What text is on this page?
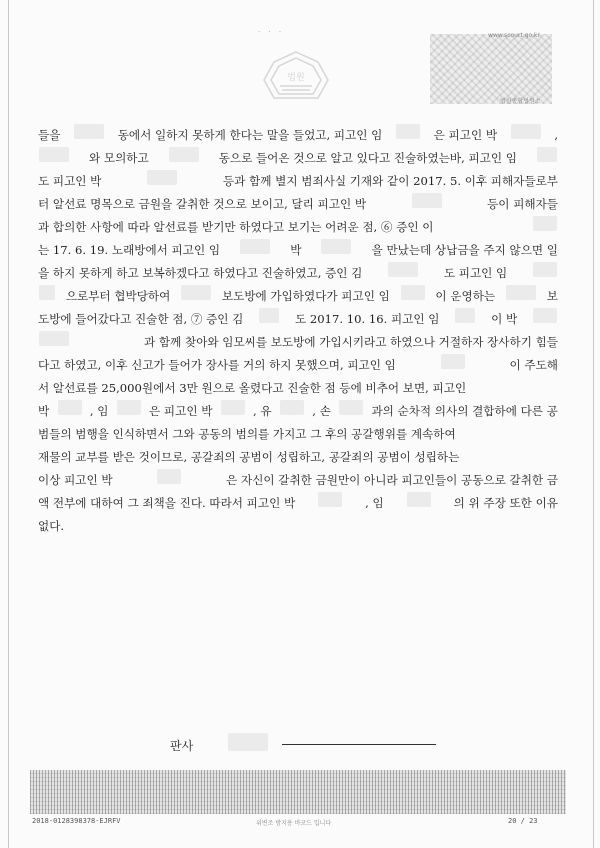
· · ·
법원
www.scourt.go.kr
법원종합법원소
들을	동에서 일하지 못하게 한다는 말을 들었고, 피고인 임	은 피고인 박	,
와 모의하고	동으로 들어온 것으로 알고 있다고 진술하였는바, 피고인 임
도 피고인 박	등과 함께 별지 범죄사실 기재와 같이 2017. 5. 이후 피해자들로부
터 알선료 명목으로 금원을 갈취한 것으로 보이고, 달리 피고인 박	등이 피해자들
과 합의한 사항에 따라 알선료를 받기만 하였다고 보기는 어려운 점, ⑥ 증인 이
는 17. 6. 19. 노래방에서 피고인 임	박	을 만났는데 상납금을 주지 않으면 일
을 하지 못하게 하고 보복하겠다고 하였다고 진술하였고, 증인 김	도 피고인 임
으로부터 협박당하여	보도방에 가입하였다가 피고인 임	이 운영하는	보
도방에 들어갔다고 진술한 점, ⑦ 증인 김	도 2017. 10. 16. 피고인 임	이 박
과 함께 찾아와 임모씨를 보도방에 가입시키라고 하였으나 거절하자 장사하기 힘들
다고 하였고, 이후 신고가 들어가 장사를 거의 하지 못했으며, 피고인 임	이 주도해
서 알선료를 25,000원에서 3만 원으로 올렸다고 진술한 점 등에 비추어 보면, 피고인
박	, 임	은 피고인 박	, 유	, 손	과의 순차적 의사의 결합하에 다른 공
범들의 범행을 인식하면서 그와 공동의 범의를 가지고 그 후의 공갈행위를 계속하여
재물의 교부를 받은 것이므로, 공갈죄의 공범이 성립하고, 공갈죄의 공범이 성립하는
이상 피고인 박	은 자신이 갈취한 금원만이 아니라 피고인들이 공동으로 갈취한 금
액 전부에 대하여 그 죄책을 진다. 따라서 피고인 박	, 임	의 위 주장 또한 이유
없다.
판사
2018-0128398378-EJRFV	위변조 방지용 바코드 입니다	20 / 23
